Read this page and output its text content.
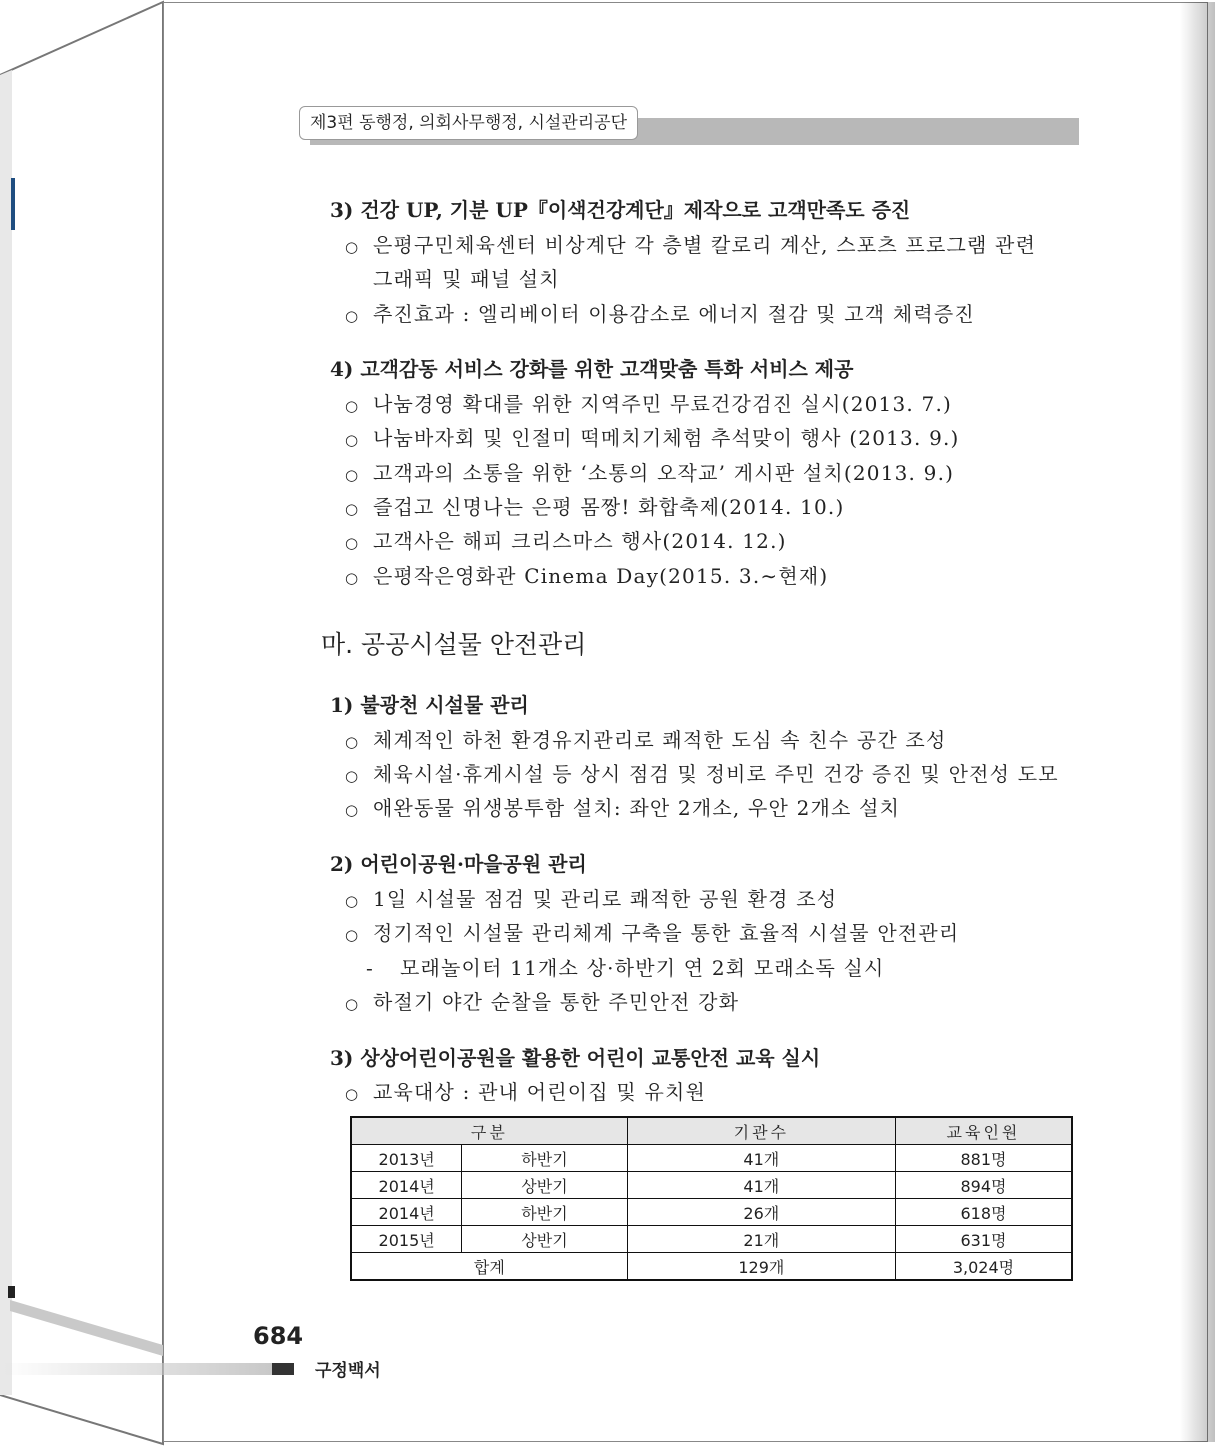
제3편 동행정, 의회사무행정, 시설관리공단
3) 건강 UP, 기분 UP『이색건강계단』제작으로 고객만족도 증진
○ 은평구민체육센터 비상계단 각 층별 칼로리 계산, 스포츠 프로그램 관련
그래픽 및 패널 설치
○ 추진효과 : 엘리베이터 이용감소로 에너지 절감 및 고객 체력증진
4) 고객감동 서비스 강화를 위한 고객맞춤 특화 서비스 제공
○ 나눔경영 확대를 위한 지역주민 무료건강검진 실시(2013. 7.)
○ 나눔바자회 및 인절미 떡메치기체험 추석맞이 행사 (2013. 9.)
○ 고객과의 소통을 위한 ‘소통의 오작교’ 게시판 설치(2013. 9.)
○ 즐겁고 신명나는 은평 몸짱! 화합축제(2014. 10.)
○ 고객사은 해피 크리스마스 행사(2014. 12.)
○ 은평작은영화관 Cinema Day(2015. 3.∼현재)
마. 공공시설물 안전관리
1) 불광천 시설물 관리
○ 체계적인 하천 환경유지관리로 쾌적한 도심 속 친수 공간 조성
○ 체육시설·휴게시설 등 상시 점검 및 정비로 주민 건강 증진 및 안전성 도모
○ 애완동물 위생봉투함 설치: 좌안 2개소, 우안 2개소 설치
2) 어린이공원·마을공원 관리
○ 1일 시설물 점검 및 관리로 쾌적한 공원 환경 조성
○ 정기적인 시설물 관리체계 구축을 통한 효율적 시설물 안전관리
- 모래놀이터 11개소 상·하반기 연 2회 모래소독 실시
○ 하절기 야간 순찰을 통한 주민안전 강화
3) 상상어린이공원을 활용한 어린이 교통안전 교육 실시
○ 교육대상 : 관내 어린이집 및 유치원
구분		기관수	교육인원
2013년	하반기	41개	881명
2014년	상반기	41개	894명
2014년	하반기	26개	618명
2015년	상반기	21개	631명
합계		129개	3,024명
684
구정백서
